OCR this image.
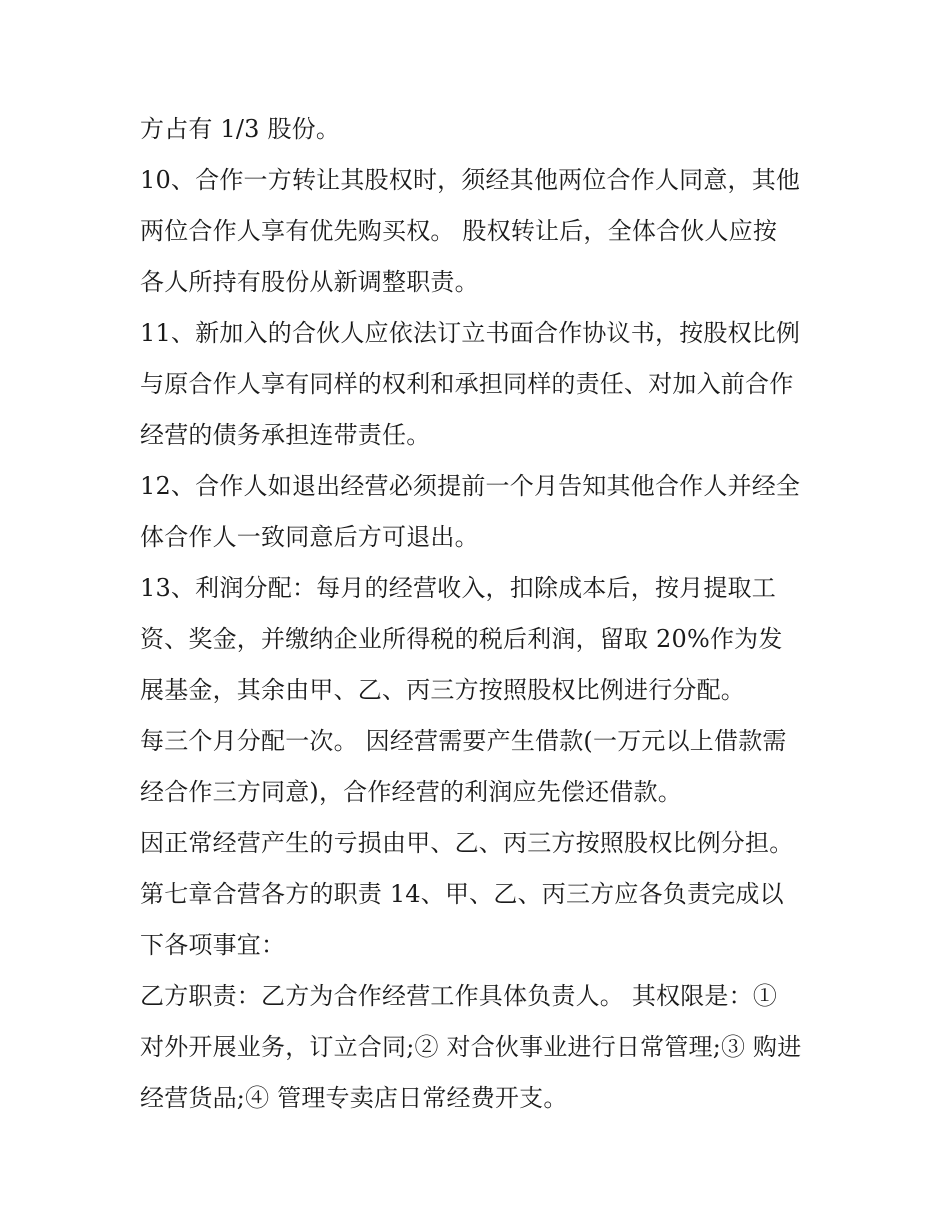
方占有 1/3 股份。

10、合作一方转让其股权时，须经其他两位合作人同意，其他

两位合作人享有优先购买权。 股权转让后，全体合伙人应按

各人所持有股份从新调整职责。

11、新加入的合伙人应依法订立书面合作协议书，按股权比例

与原合作人享有同样的权利和承担同样的责任、对加入前合作

经营的债务承担连带责任。

12、合作人如退出经营必须提前一个月告知其他合作人并经全

体合作人一致同意后方可退出。

13、利润分配：每月的经营收入，扣除成本后，按月提取工

资、奖金，并缴纳企业所得税的税后利润，留取 20%作为发

展基金，其余由甲、乙、丙三方按照股权比例进行分配。

每三个月分配一次。 因经营需要产生借款(一万元以上借款需

经合作三方同意)，合作经营的利润应先偿还借款。

因正常经营产生的亏损由甲、乙、丙三方按照股权比例分担。

第七章合营各方的职责 14、甲、乙、丙三方应各负责完成以

下各项事宜：

乙方职责：乙方为合作经营工作具体负责人。 其权限是：①

对外开展业务，订立合同;② 对合伙事业进行日常管理;③ 购进

经营货品;④ 管理专卖店日常经费开支。
